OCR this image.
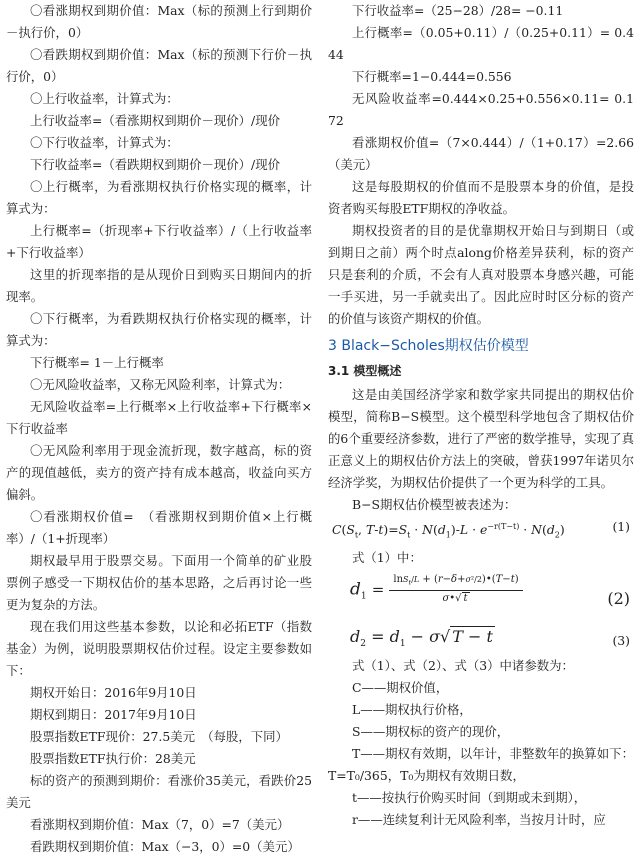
〇看涨期权到期价值：Max（标的预测上行到期价－执行价，0）

〇看跌期权到期价值：Max（标的预测下行价－执行价，0）

〇上行收益率，计算式为：

上行收益率=（看涨期权到期价－现价）/现价

〇下行收益率，计算式为：

下行收益率=（看跌期权到期价－现价）/现价

〇上行概率，为看涨期权执行价格实现的概率，计算式为：

上行概率=（折现率+下行收益率）/（上行收益率+下行收益率）

这里的折现率指的是从现价日到购买日期间内的折现率。

〇下行概率，为看跌期权执行价格实现的概率，计算式为：

下行概率= 1－上行概率

〇无风险收益率，又称无风险利率，计算式为：

无风险收益率=上行概率×上行收益率+下行概率×下行收益率

〇无风险利率用于现金流折现，数字越高，标的资产的现值越低，卖方的资产持有成本越高，收益向买方偏斜。

〇看涨期权价值=　（看涨期权到期价值×上行概率）/（1+折现率）

期权最早用于股票交易。下面用一个简单的矿业股票例子感受一下期权估价的基本思路，之后再讨论一些更为复杂的方法。

现在我们用这些基本参数，以论和必拓ETF（指数基金）为例，说明股票期权估价过程。设定主要参数如下：

期权开始日：2016年9月10日

期权到期日：2017年9月10日

股票指数ETF现价：27.5美元　（每股，下同）

股票指数ETF执行价：28美元

标的资产的预测到期价：看涨价35美元，看跌价25美元

看涨期权到期价值：Max（7，0）=7（美元）

看跌期权到期价值：Max（−3，0）=0（美元）

下行收益率=（25−28）/28= −0.11

上行概率=（0.05+0.11）/（0.25+0.11）= 0.444

下行概率=1−0.444=0.556

无风险收益率=0.444×0.25+0.556×0.11= 0.172

看涨期权价值=（7×0.444）/（1+0.17）=2.66（美元）

这是每股期权的价值而不是股票本身的价值，是投资者购买每股ETF期权的净收益。

期权投资者的目的是优靠期权开始日与到期日（或到期日之前）两个时点along价格差异获利，标的资产只是套利的介质，不会有人真对股票本身感兴趣，可能一手买进，另一手就卖出了。因此应时时区分标的资产的价值与该资产期权的价值。

3 Black−Scholes期权估价模型
3.1 模型概述

这是由美国经济学家和数学家共同提出的期权估价模型，简称B−S模型。这个模型科学地包含了期权估价的6个重要经济参数，进行了严密的数学推导，实现了真正意义上的期权估价方法上的突破，曾获1997年诺贝尔经济学奖，为期权估价提供了一个更为科学的工具。

B−S期权估价模型被表述为：

$C(S_t$, $T-t)=S_t \cdot N(d_1)-L \cdot e^{-r(T-t)} \cdot N(d_2)$	(1)

式（1）中：

$d_1 = \frac{\ln S_t/L + (r-\delta+\sigma^2/2)•(T-t)}{\sigma•√ t}$	(2)
$d_2 = d_1 - \sigma√$ T − t	(3)

式（1）、式（2）、式（3）中诸参数为：

C——期权价值，

L——期权执行价格，

S——期权标的资产的现价，

T——期权有效期，以年计，非整数年的换算如下：T=T₀/365，T₀为期权有效期日数，

t——按执行价购买时间（到期或未到期），

r——连续复利计无风险利率，当按月计时，应
